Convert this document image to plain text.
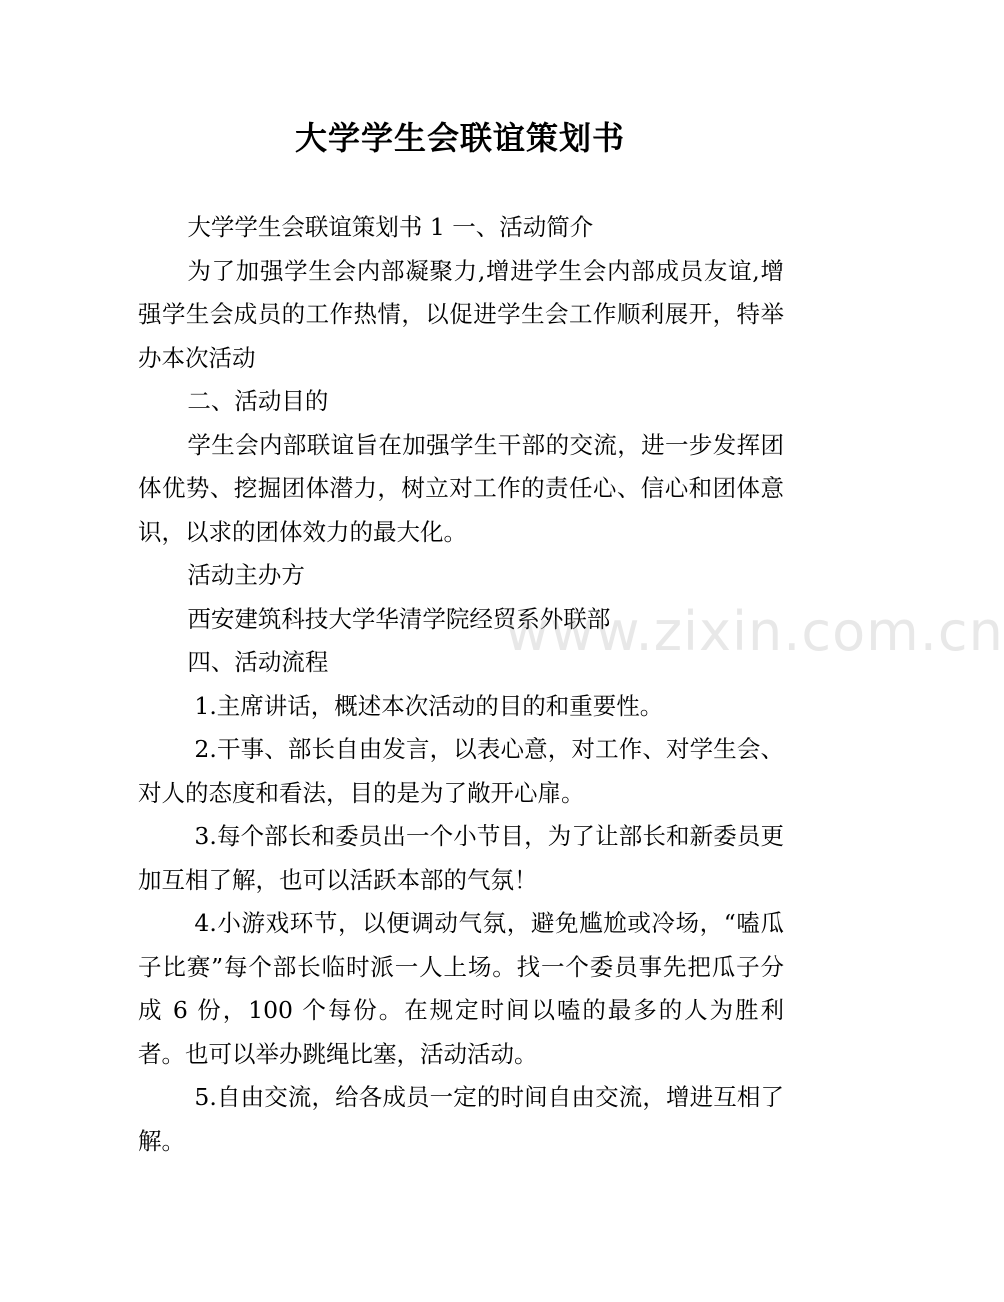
大学学生会联谊策划书

大学学生会联谊策划书 1 一、活动简介

为了加强学生会内部凝聚力,增进学生会内部成员友谊,增强学生会成员的工作热情，以促进学生会工作顺利展开，特举办本次活动

二、活动目的

学生会内部联谊旨在加强学生干部的交流，进一步发挥团体优势、挖掘团体潜力，树立对工作的责任心、信心和团体意识，以求的团体效力的最大化。

活动主办方

西安建筑科技大学华清学院经贸系外联部

四、活动流程

1.主席讲话，概述本次活动的目的和重要性。

2.干事、部长自由发言，以表心意，对工作、对学生会、对人的态度和看法，目的是为了敞开心扉。

3.每个部长和委员出一个小节目，为了让部长和新委员更加互相了解，也可以活跃本部的气氛！

4.小游戏环节，以便调动气氛，避免尴尬或冷场，“嗑瓜子比赛”每个部长临时派一人上场。找一个委员事先把瓜子分成 6 份，100 个每份。在规定时间以嗑的最多的人为胜利者。也可以举办跳绳比塞，活动活动。

5.自由交流，给各成员一定的时间自由交流，增进互相了解。

www.zixin.com.cn
